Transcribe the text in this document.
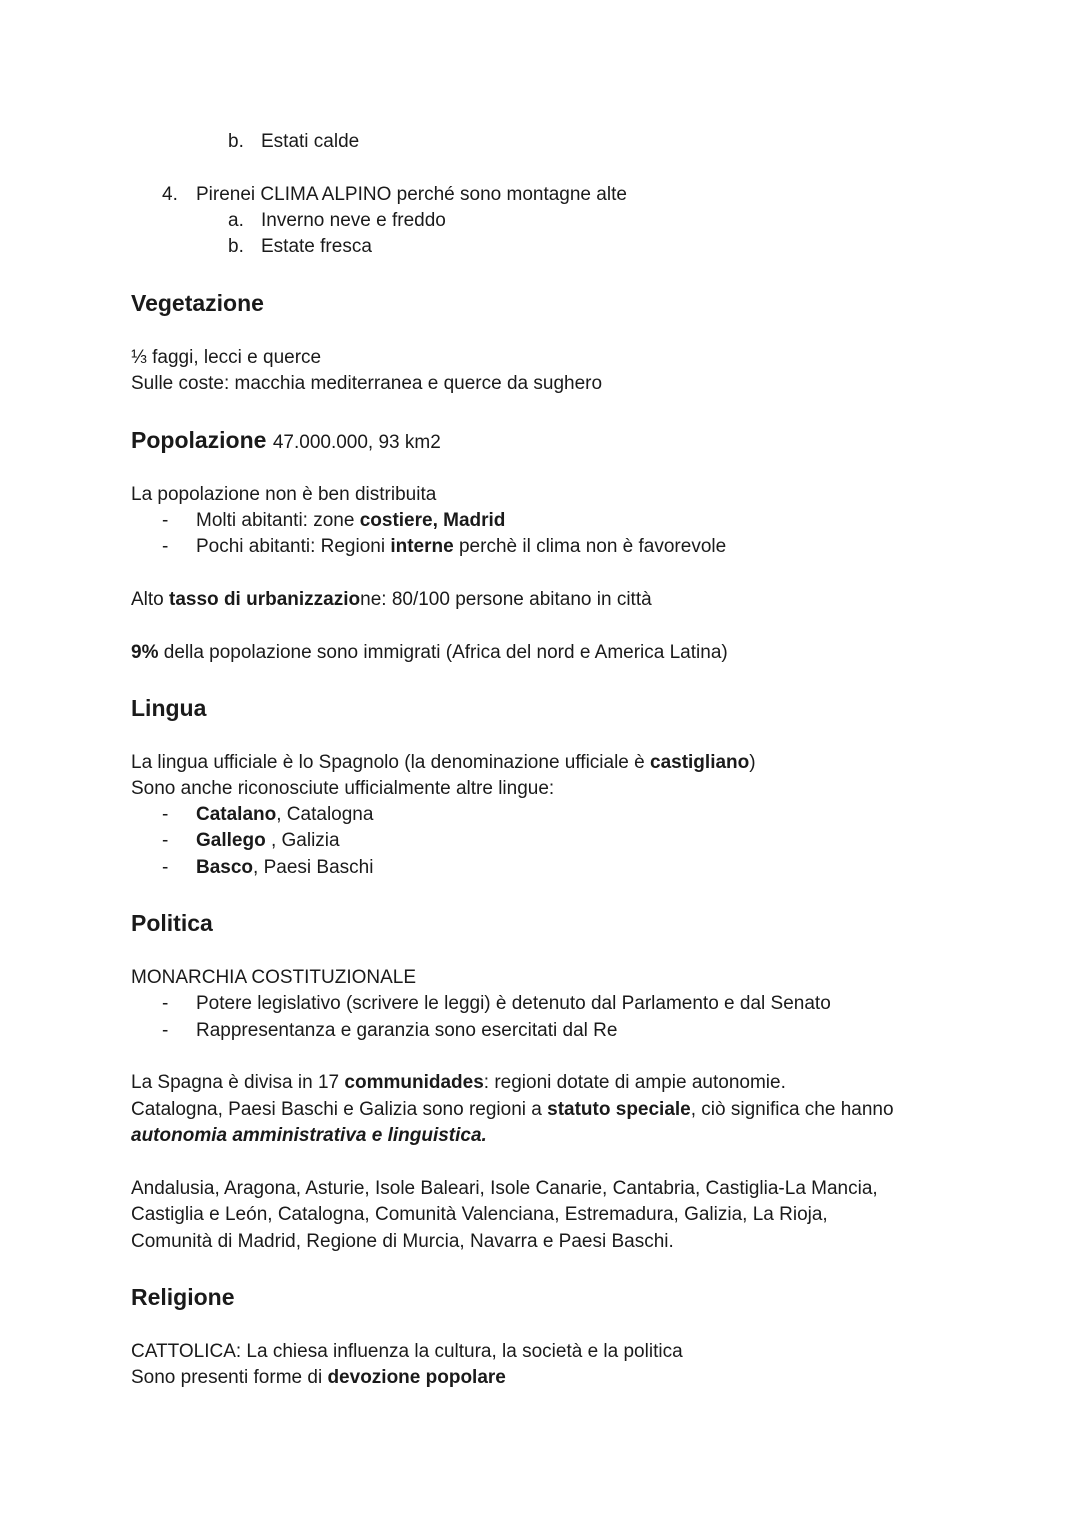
b. Estati calde
4. Pirenei CLIMA ALPINO perché sono montagne alte
a. Inverno neve e freddo
b. Estate fresca
Vegetazione
⅓ faggi, lecci e querce
Sulle coste: macchia mediterranea e querce da sughero
Popolazione 47.000.000, 93 km2
La popolazione non è ben distribuita
- Molti abitanti: zone costiere, Madrid
- Pochi abitanti: Regioni interne perchè il clima non è favorevole
Alto tasso di urbanizzazione: 80/100 persone abitano in città
9% della popolazione sono immigrati (Africa del nord e America Latina)
Lingua
La lingua ufficiale è lo Spagnolo (la denominazione ufficiale è castigliano)
Sono anche riconosciute ufficialmente altre lingue:
- Catalano, Catalogna
- Gallego , Galizia
- Basco, Paesi Baschi
Politica
MONARCHIA COSTITUZIONALE
- Potere legislativo (scrivere le leggi) è detenuto dal Parlamento e dal Senato
- Rappresentanza e garanzia sono esercitati dal Re
La Spagna è divisa in 17 communidades: regioni dotate di ampie autonomie.
Catalogna, Paesi Baschi e Galizia sono regioni a statuto speciale, ciò significa che hanno
autonomia amministrativa e linguistica.
Andalusia, Aragona, Asturie, Isole Baleari, Isole Canarie, Cantabria, Castiglia-La Mancia,
Castiglia e León, Catalogna, Comunità Valenciana, Estremadura, Galizia, La Rioja,
Comunità di Madrid, Regione di Murcia, Navarra e Paesi Baschi.
Religione
CATTOLICA: La chiesa influenza la cultura, la società e la politica
Sono presenti forme di devozione popolare
